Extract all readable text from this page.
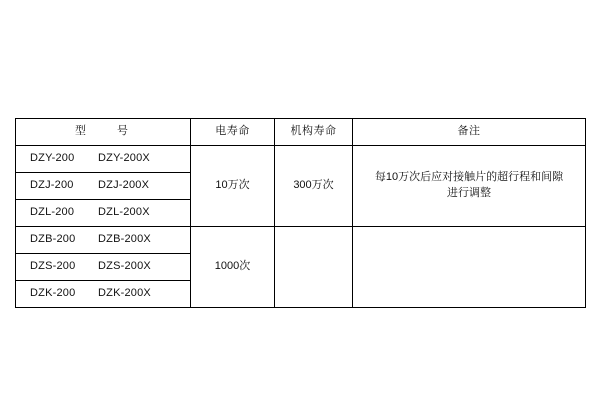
型　　号	电寿命	机构寿命	备注
DZY-200 DZY-200X	10万次	300万次	每10万次后应对接触片的超行程和间隙
进行调整

DZJ-200 DZJ-200X			
DZL-200 DZL-200X			
DZB-200 DZB-200X	1000次		
DZS-200 DZS-200X			
DZK-200 DZK-200X			
